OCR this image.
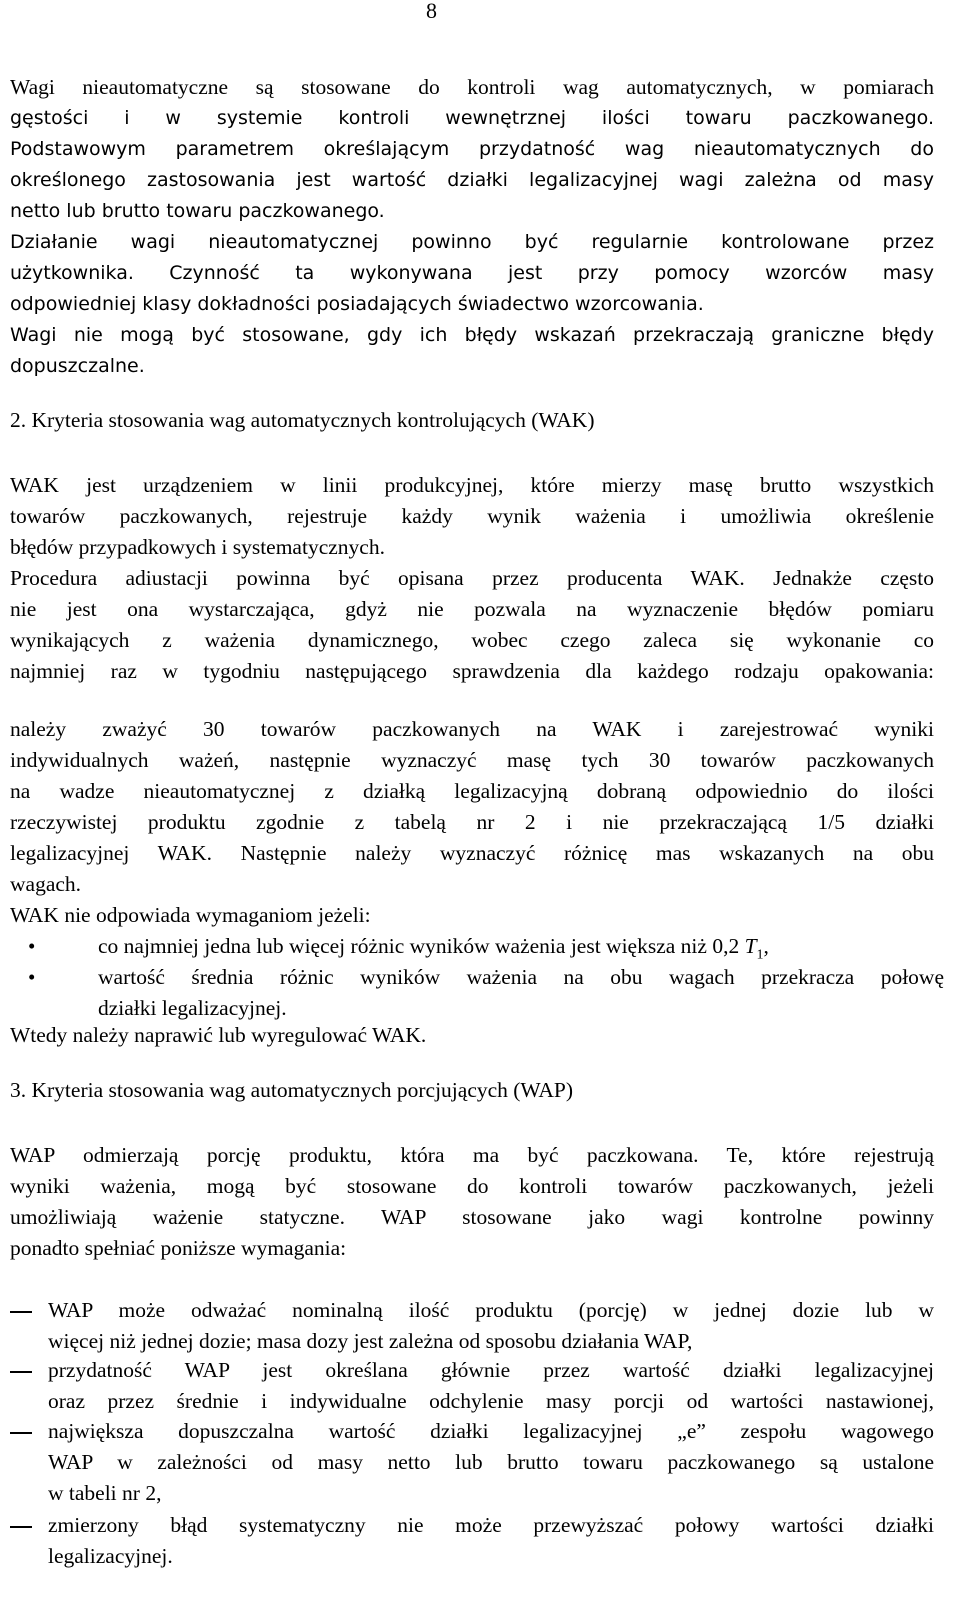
8
Wagi nieautomatyczne są stosowane do kontroli wag automatycznych, w pomiarach
gęstości i w systemie kontroli wewnętrznej ilości towaru paczkowanego.
Podstawowym parametrem określającym przydatność wag nieautomatycznych do
określonego zastosowania jest wartość działki legalizacyjnej wagi zależna od masy
netto lub brutto towaru paczkowanego.
Działanie wagi nieautomatycznej powinno być regularnie kontrolowane przez
użytkownika. Czynność ta wykonywana jest przy pomocy wzorców masy
odpowiedniej klasy dokładności posiadających świadectwo wzorcowania.
Wagi nie mogą być stosowane, gdy ich błędy wskazań przekraczają graniczne błędy
dopuszczalne.
2. Kryteria stosowania wag automatycznych kontrolujących (WAK)
WAK jest urządzeniem w linii produkcyjnej, które mierzy masę brutto wszystkich
towarów paczkowanych, rejestruje każdy wynik ważenia i umożliwia określenie
błędów przypadkowych i systematycznych.
Procedura adiustacji powinna być opisana przez producenta WAK. Jednakże często
nie jest ona wystarczająca, gdyż nie pozwala na wyznaczenie błędów pomiaru
wynikających z ważenia dynamicznego, wobec czego zaleca się wykonanie co
najmniej raz w tygodniu następującego sprawdzenia dla każdego rodzaju opakowania:
należy zważyć 30 towarów paczkowanych na WAK i zarejestrować wyniki
indywidualnych ważeń, następnie wyznaczyć masę tych 30 towarów paczkowanych
na wadze nieautomatycznej z działką legalizacyjną dobraną odpowiednio do ilości
rzeczywistej produktu zgodnie z tabelą nr 2 i nie przekraczającą 1/5 działki
legalizacyjnej WAK. Następnie należy wyznaczyć różnicę mas wskazanych na obu
wagach.
WAK nie odpowiada wymaganiom jeżeli:
•	co najmniej jedna lub więcej różnic wyników ważenia jest większa niż 0,2 $T_1$,
•	wartość średnia różnic wyników ważenia na obu wagach przekracza połowę
działki legalizacyjnej.
Wtedy należy naprawić lub wyregulować WAK.
3. Kryteria stosowania wag automatycznych porcjujących (WAP)
WAP odmierzają porcję produktu, która ma być paczkowana. Te, które rejestrują
wyniki ważenia, mogą być stosowane do kontroli towarów paczkowanych, jeżeli
umożliwiają ważenie statyczne. WAP stosowane jako wagi kontrolne powinny
ponadto spełniać poniższe wymagania:
WAP może odważać nominalną ilość produktu (porcję) w jednej dozie lub w
więcej niż jednej dozie; masa dozy jest zależna od sposobu działania WAP,
przydatność WAP jest określana głównie przez wartość działki legalizacyjnej
oraz przez średnie i indywidualne odchylenie masy porcji od wartości nastawionej,
największa dopuszczalna wartość działki legalizacyjnej „e” zespołu wagowego
WAP w zależności od masy netto lub brutto towaru paczkowanego są ustalone
w tabeli nr 2,
zmierzony błąd systematyczny nie może przewyższać połowy wartości działki
legalizacyjnej.
